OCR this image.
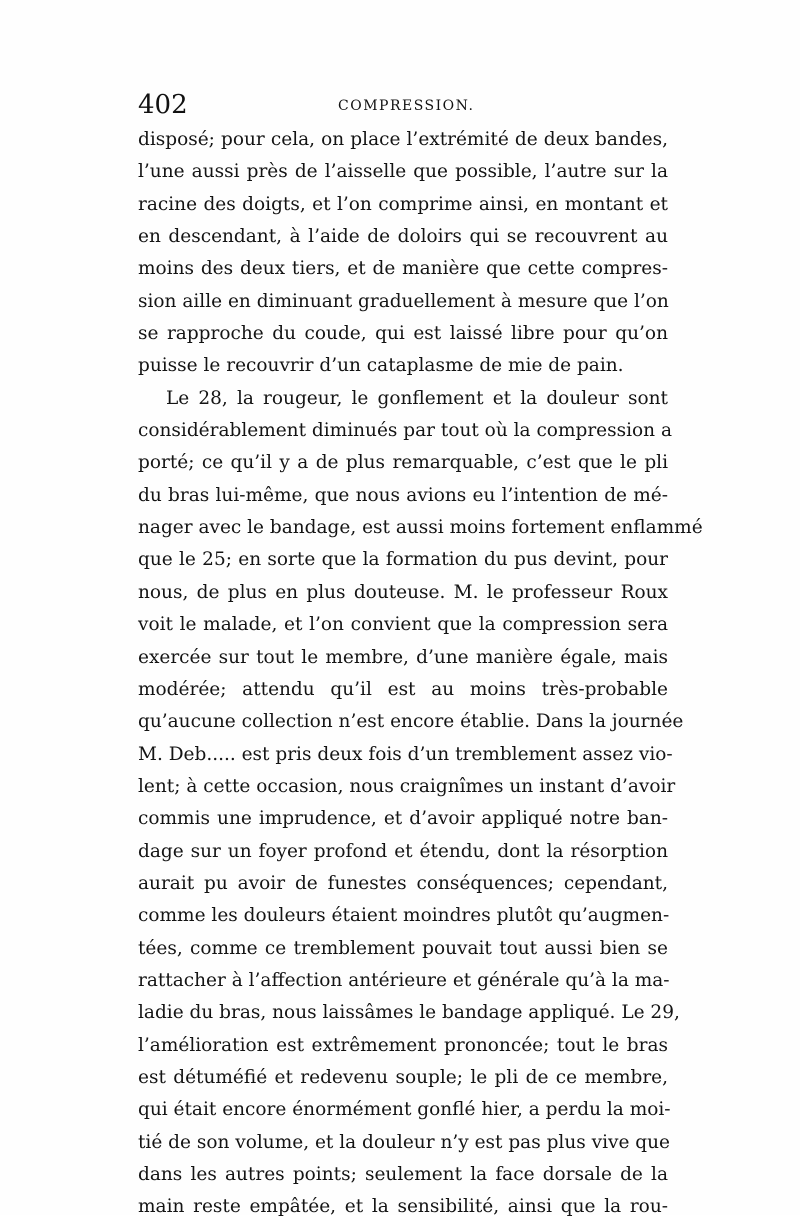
402	COMPRESSION.
disposé; pour cela, on place l’extrémité de deux bandes,
l’une aussi près de l’aisselle que possible, l’autre sur la
racine des doigts, et l’on comprime ainsi, en montant et
en descendant, à l’aide de doloirs qui se recouvrent au
moins des deux tiers, et de manière que cette compres-
sion aille en diminuant graduellement à mesure que l’on
se rapproche du coude, qui est laissé libre pour qu’on
puisse le recouvrir d’un cataplasme de mie de pain.
Le 28, la rougeur, le gonflement et la douleur sont
considérablement diminués par tout où la compression a
porté; ce qu’il y a de plus remarquable, c’est que le pli
du bras lui-même, que nous avions eu l’intention de mé-
nager avec le bandage, est aussi moins fortement enflammé
que le 25; en sorte que la formation du pus devint, pour
nous, de plus en plus douteuse. M. le professeur Roux
voit le malade, et l’on convient que la compression sera
exercée sur tout le membre, d’une manière égale, mais
modérée; attendu qu’il est au moins très-probable
qu’aucune collection n’est encore établie. Dans la journée
M. Deb..... est pris deux fois d’un tremblement assez vio-
lent; à cette occasion, nous craignîmes un instant d’avoir
commis une imprudence, et d’avoir appliqué notre ban-
dage sur un foyer profond et étendu, dont la résorption
aurait pu avoir de funestes conséquences; cependant,
comme les douleurs étaient moindres plutôt qu’augmen-
tées, comme ce tremblement pouvait tout aussi bien se
rattacher à l’affection antérieure et générale qu’à la ma-
ladie du bras, nous laissâmes le bandage appliqué. Le 29,
l’amélioration est extrêmement prononcée; tout le bras
est détuméfié et redevenu souple; le pli de ce membre,
qui était encore énormément gonflé hier, a perdu la moi-
tié de son volume, et la douleur n’y est pas plus vive que
dans les autres points; seulement la face dorsale de la
main reste empâtée, et la sensibilité, ainsi que la rou-
